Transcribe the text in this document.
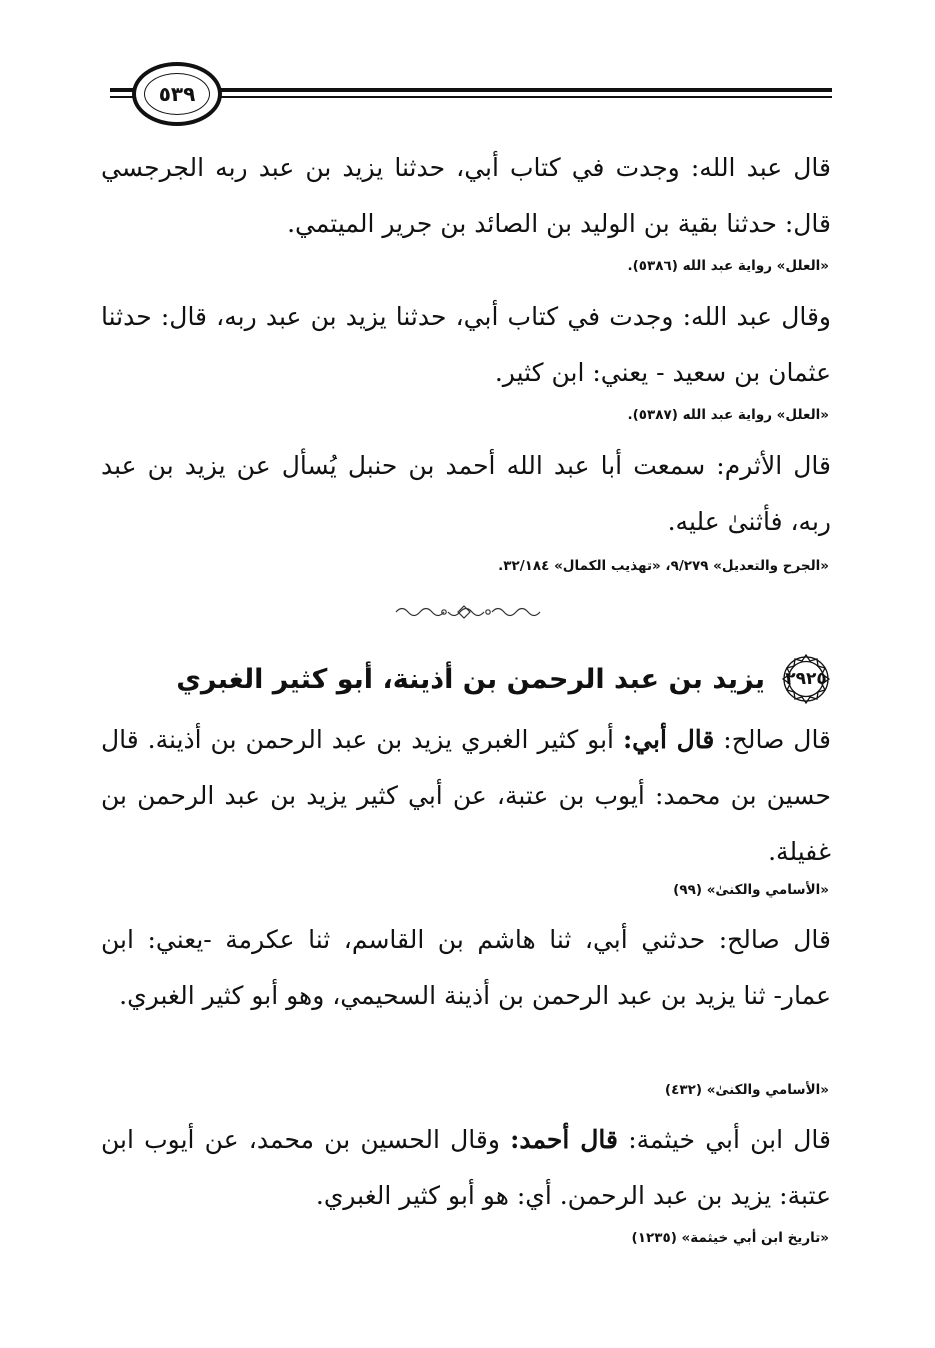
٥٣٩

قال عبد الله: وجدت في كتاب أبي، حدثنا يزيد بن عبد ربه الجرجسي قال: حدثنا بقية بن الوليد بن الصائد بن جرير الميتمي.

«العلل» رواية عبد الله (٥٣٨٦).

وقال عبد الله: وجدت في كتاب أبي، حدثنا يزيد بن عبد ربه، قال: حدثنا عثمان بن سعيد - يعني: ابن كثير.

«العلل» رواية عبد الله (٥٣٨٧).

قال الأثرم: سمعت أبا عبد الله أحمد بن حنبل يُسأل عن يزيد بن عبد ربه، فأثنىٰ عليه.

«الجرح والتعديل» ٩/٢٧٩، «تهذيب الكمال» ٣٢/١٨٤.
٢٩٢٥
يزيد بن عبد الرحمن بن أذينة، أبو كثير الغبري

قال صالح: قال أبي: أبو كثير الغبري يزيد بن عبد الرحمن بن أذينة. قال حسين بن محمد: أيوب بن عتبة، عن أبي كثير يزيد بن عبد الرحمن بن غفيلة.

«الأسامي والكنىٰ» (٩٩)

قال صالح: حدثني أبي، ثنا هاشم بن القاسم، ثنا عكرمة -يعني: ابن عمار- ثنا يزيد بن عبد الرحمن بن أذينة السحيمي، وهو أبو كثير الغبري.

«الأسامي والكنىٰ» (٤٣٢)

قال ابن أبي خيثمة: قال أحمد: وقال الحسين بن محمد، عن أيوب ابن عتبة: يزيد بن عبد الرحمن. أي: هو أبو كثير الغبري.

«تاريخ ابن أبي خيثمة» (١٢٣٥)
